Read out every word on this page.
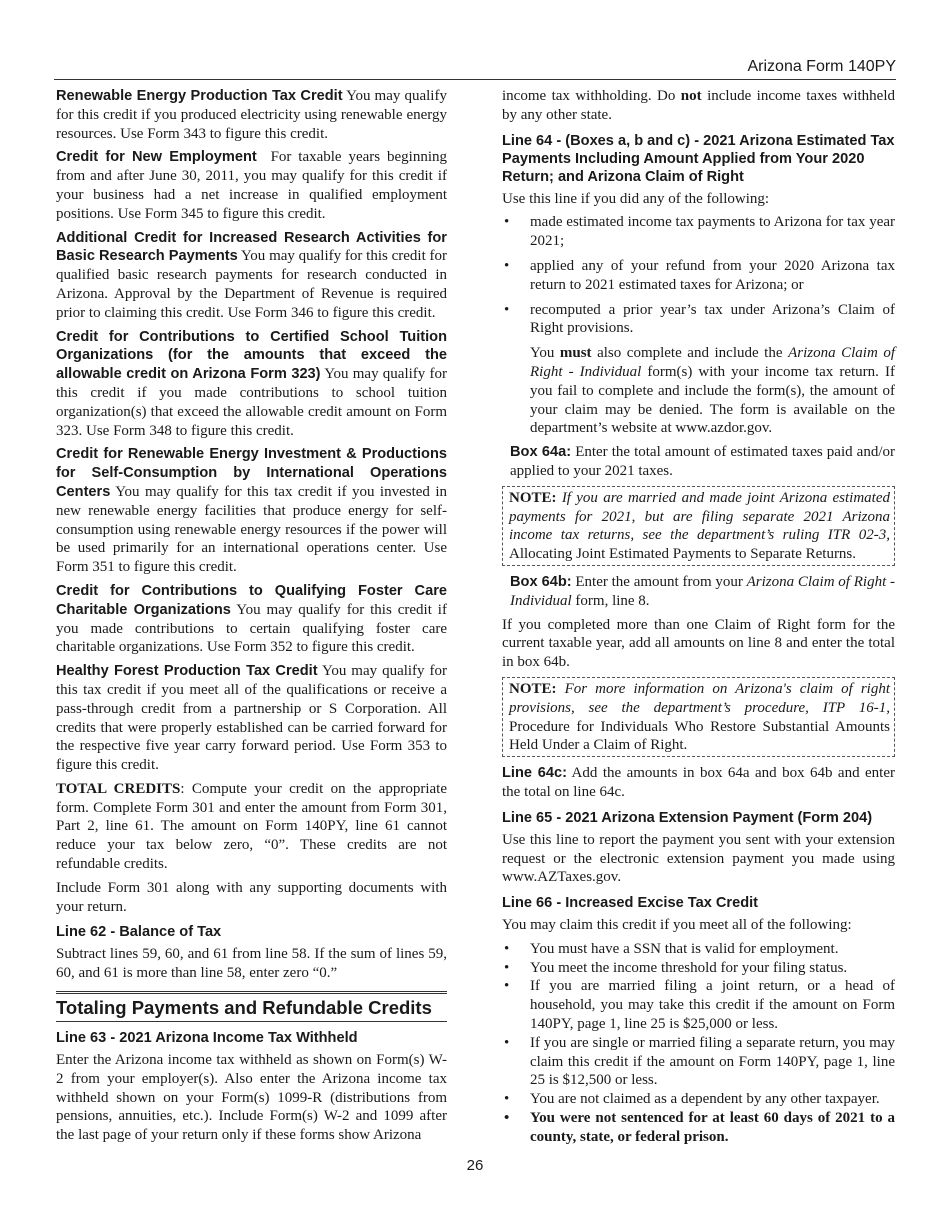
Arizona Form 140PY

Renewable Energy Production Tax Credit You may qualify for this credit if you produced electricity using renewable energy resources. Use Form 343 to figure this credit.

Credit for New Employment For taxable years beginning from and after June 30, 2011, you may qualify for this credit if your business had a net increase in qualified employment positions. Use Form 345 to figure this credit.

Additional Credit for Increased Research Activities for Basic Research Payments You may qualify for this credit for qualified basic research payments for research conducted in Arizona. Approval by the Department of Revenue is required prior to claiming this credit. Use Form 346 to figure this credit.

Credit for Contributions to Certified School Tuition Organizations (for the amounts that exceed the allowable credit on Arizona Form 323) You may qualify for this credit if you made contributions to school tuition organization(s) that exceed the allowable credit amount on Form 323. Use Form 348 to figure this credit.

Credit for Renewable Energy Investment & Productions for Self-Consumption by International Operations Centers You may qualify for this tax credit if you invested in new renewable energy facilities that produce energy for self-consumption using renewable energy resources if the power will be used primarily for an international operations center. Use Form 351 to figure this credit.

Credit for Contributions to Qualifying Foster Care Charitable Organizations You may qualify for this credit if you made contributions to certain qualifying foster care charitable organizations. Use Form 352 to figure this credit.

Healthy Forest Production Tax Credit You may qualify for this tax credit if you meet all of the qualifications or receive a pass-through credit from a partnership or S Corporation. All credits that were properly established can be carried forward for the respective five year carry forward period. Use Form 353 to figure this credit.

TOTAL CREDITS: Compute your credit on the appropriate form. Complete Form 301 and enter the amount from Form 301, Part 2, line 61. The amount on Form 140PY, line 61 cannot reduce your tax below zero, “0”. These credits are not refundable credits.

Include Form 301 along with any supporting documents with your return.

Line 62 - Balance of Tax

Subtract lines 59, 60, and 61 from line 58. If the sum of lines 59, 60, and 61 is more than line 58, enter zero “0.”

Totaling Payments and Refundable Credits
Line 63 - 2021 Arizona Income Tax Withheld

Enter the Arizona income tax withheld as shown on Form(s) W-2 from your employer(s). Also enter the Arizona income tax withheld shown on your Form(s) 1099-R (distributions from pensions, annuities, etc.). Include Form(s) W-2 and 1099 after the last page of your return only if these forms show Arizona

income tax withholding. Do not include income taxes withheld by any other state.

Line 64 - (Boxes a, b and c) - 2021 Arizona Estimated Tax Payments Including Amount Applied from Your 2020 Return; and Arizona Claim of Right

Use this line if you did any of the following:

• made estimated income tax payments to Arizona for tax year 2021;
• applied any of your refund from your 2020 Arizona tax return to 2021 estimated taxes for Arizona; or
• recomputed a prior year’s tax under Arizona’s Claim of Right provisions.

You must also complete and include the Arizona Claim of Right - Individual form(s) with your income tax return. If you fail to complete and include the form(s), the amount of your claim may be denied. The form is available on the department’s website at www.azdor.gov.

Box 64a: Enter the total amount of estimated taxes paid and/or applied to your 2021 taxes.

NOTE: If you are married and made joint Arizona estimated payments for 2021, but are filing separate 2021 Arizona income tax returns, see the department’s ruling ITR 02-3, Allocating Joint Estimated Payments to Separate Returns.

Box 64b: Enter the amount from your Arizona Claim of Right - Individual form, line 8.

If you completed more than one Claim of Right form for the current taxable year, add all amounts on line 8 and enter the total in box 64b.

NOTE: For more information on Arizona's claim of right provisions, see the department’s procedure, ITP 16-1, Procedure for Individuals Who Restore Substantial Amounts Held Under a Claim of Right.

Line 64c: Add the amounts in box 64a and box 64b and enter the total on line 64c.

Line 65 - 2021 Arizona Extension Payment (Form 204)

Use this line to report the payment you sent with your extension request or the electronic extension payment you made using www.AZTaxes.gov.

Line 66 - Increased Excise Tax Credit

You may claim this credit if you meet all of the following:

• You must have a SSN that is valid for employment.
• You meet the income threshold for your filing status.
• If you are married filing a joint return, or a head of household, you may take this credit if the amount on Form 140PY, page 1, line 25 is $25,000 or less.
• If you are single or married filing a separate return, you may claim this credit if the amount on Form 140PY, page 1, line 25 is $12,500 or less.
• You are not claimed as a dependent by any other taxpayer.
• You were not sentenced for at least 60 days of 2021 to a county, state, or federal prison.
26
